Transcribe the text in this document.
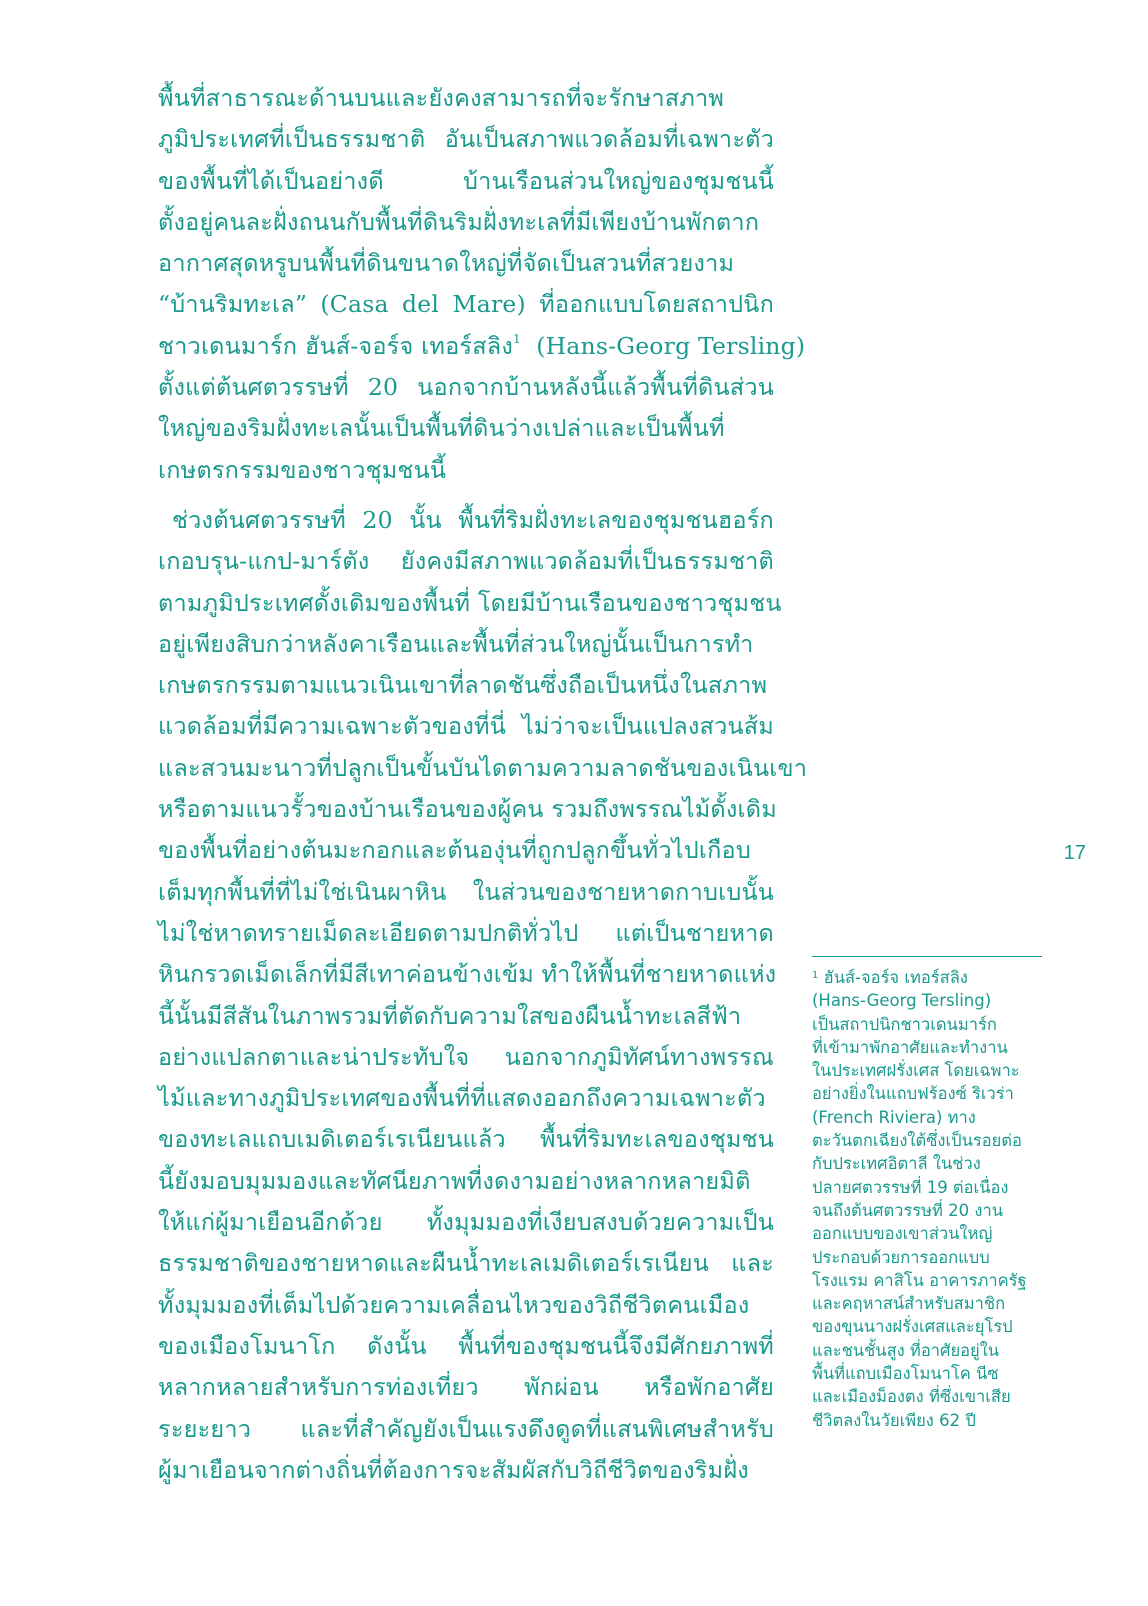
พื้นที่สาธารณะด้านบนและยังคงสามารถที่จะรักษาสภาพ
ภูมิประเทศที่เป็นธรรมชาติ อันเป็นสภาพแวดล้อมที่เฉพาะตัว
ของพื้นที่ได้เป็นอย่างดี บ้านเรือนส่วนใหญ่ของชุมชนนี้
ตั้งอยู่คนละฝั่งถนนกับพื้นที่ดินริมฝั่งทะเลที่มีเพียงบ้านพักตาก
อากาศสุดหรูบนพื้นที่ดินขนาดใหญ่ที่จัดเป็นสวนที่สวยงาม
“บ้านริมทะเล” (Casa del Mare) ที่ออกแบบโดยสถาปนิก
ชาวเดนมาร์ก ฮันส์-จอร์จ เทอร์สลิง$^1$ (Hans-Georg Tersling)
ตั้งแต่ต้นศตวรรษที่ 20 นอกจากบ้านหลังนี้แล้วพื้นที่ดินส่วน
ใหญ่ของริมฝั่งทะเลนั้นเป็นพื้นที่ดินว่างเปล่าและเป็นพื้นที่
เกษตรกรรมของชาวชุมชนนี้
ช่วงต้นศตวรรษที่ 20 นั้น พื้นที่ริมฝั่งทะเลของชุมชนฮอร์ก
เกอบรุน-แกป-มาร์ตัง ยังคงมีสภาพแวดล้อมที่เป็นธรรมชาติ
ตามภูมิประเทศดั้งเดิมของพื้นที่ โดยมีบ้านเรือนของชาวชุมชน
อยู่เพียงสิบกว่าหลังคาเรือนและพื้นที่ส่วนใหญ่นั้นเป็นการทำ
เกษตรกรรมตามแนวเนินเขาที่ลาดชันซึ่งถือเป็นหนึ่งในสภาพ
แวดล้อมที่มีความเฉพาะตัวของที่นี่ ไม่ว่าจะเป็นแปลงสวนส้ม
และสวนมะนาวที่ปลูกเป็นขั้นบันไดตามความลาดชันของเนินเขา
หรือตามแนวรั้วของบ้านเรือนของผู้คน รวมถึงพรรณไม้ดั้งเดิม
ของพื้นที่อย่างต้นมะกอกและต้นองุ่นที่ถูกปลูกขึ้นทั่วไปเกือบ
เต็มทุกพื้นที่ที่ไม่ใช่เนินผาหิน ในส่วนของชายหาดกาบเบนั้น
ไม่ใช่หาดทรายเม็ดละเอียดตามปกติทั่วไป แต่เป็นชายหาด
หินกรวดเม็ดเล็กที่มีสีเทาค่อนข้างเข้ม ทำให้พื้นที่ชายหาดแห่ง
นี้นั้นมีสีสันในภาพรวมที่ตัดกับความใสของผืนน้ำทะเลสีฟ้า
อย่างแปลกตาและน่าประทับใจ นอกจากภูมิทัศน์ทางพรรณ
ไม้และทางภูมิประเทศของพื้นที่ที่แสดงออกถึงความเฉพาะตัว
ของทะเลแถบเมดิเตอร์เรเนียนแล้ว พื้นที่ริมทะเลของชุมชน
นี้ยังมอบมุมมองและทัศนียภาพที่งดงามอย่างหลากหลายมิติ
ให้แก่ผู้มาเยือนอีกด้วย ทั้งมุมมองที่เงียบสงบด้วยความเป็น
ธรรมชาติของชายหาดและผืนน้ำทะเลเมดิเตอร์เรเนียน และ
ทั้งมุมมองที่เต็มไปด้วยความเคลื่อนไหวของวิถีชีวิตคนเมือง
ของเมืองโมนาโก ดังนั้น พื้นที่ของชุมชนนี้จึงมีศักยภาพที่
หลากหลายสำหรับการท่องเที่ยว พักผ่อน หรือพักอาศัย
ระยะยาว และที่สำคัญยังเป็นแรงดึงดูดที่แสนพิเศษสำหรับ
ผู้มาเยือนจากต่างถิ่นที่ต้องการจะสัมผัสกับวิถีชีวิตของริมฝั่ง
17
$^1$ ฮันส์-จอร์จ เทอร์สลิง
(Hans-Georg Tersling)
เป็นสถาปนิกชาวเดนมาร์ก
ที่เข้ามาพักอาศัยและทำงาน
ในประเทศฝรั่งเศส โดยเฉพาะ
อย่างยิ่งในแถบฟร้องซ์ ริเวร่า
(French Riviera) ทาง
ตะวันตกเฉียงใต้ซึ่งเป็นรอยต่อ
กับประเทศอิตาลี ในช่วง
ปลายศตวรรษที่ 19 ต่อเนื่อง
จนถึงต้นศตวรรษที่ 20 งาน
ออกแบบของเขาส่วนใหญ่
ประกอบด้วยการออกแบบ
โรงแรม คาสิโน อาคารภาครัฐ
และคฤหาสน์สำหรับสมาชิก
ของขุนนางฝรั่งเศสและยุโรป
และชนชั้นสูง ที่อาศัยอยู่ใน
พื้นที่แถบเมืองโมนาโค นีซ
และเมืองม็องตง ที่ซึ่งเขาเสีย
ชีวิตลงในวัยเพียง 62 ปี
